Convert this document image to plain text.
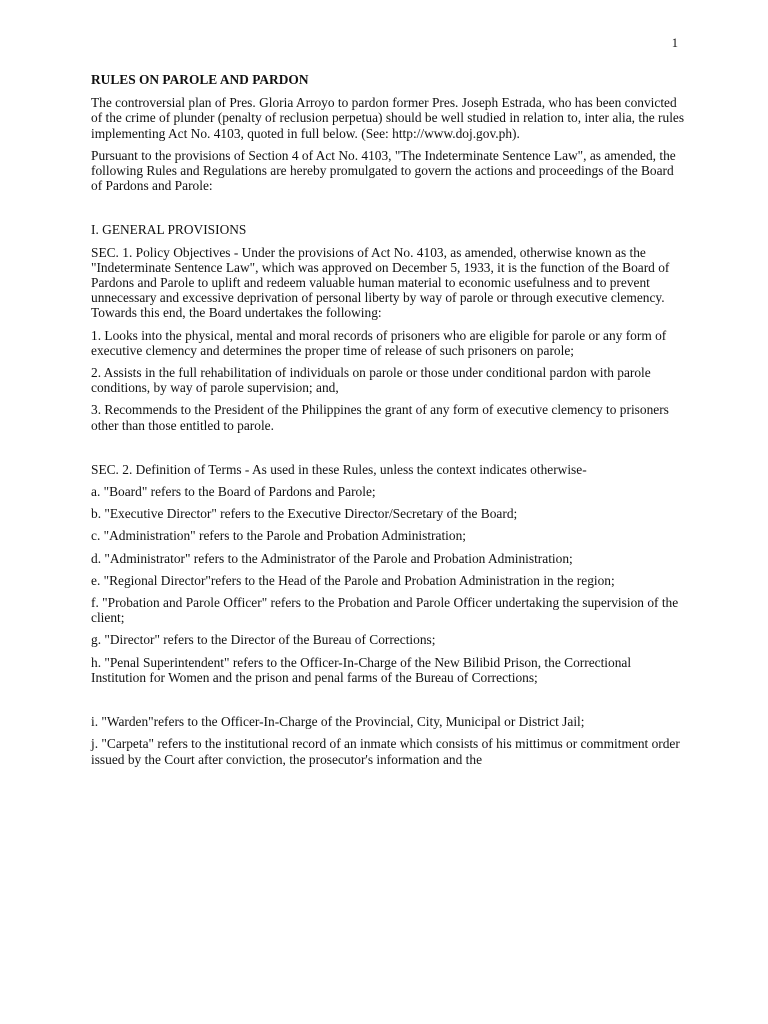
1

RULES ON PAROLE AND PARDON

The controversial plan of Pres. Gloria Arroyo to pardon former Pres. Joseph Estrada, who has been convicted of the crime of plunder (penalty of reclusion perpetua) should be well studied in relation to, inter alia, the rules implementing Act No. 4103, quoted in full below. (See: http://www.doj.gov.ph).

Pursuant to the provisions of Section 4 of Act No. 4103, "The Indeterminate Sentence Law", as amended, the following Rules and Regulations are hereby promulgated to govern the actions and proceedings of the Board of Pardons and Parole:

I. GENERAL PROVISIONS

SEC. 1. Policy Objectives - Under the provisions of Act No. 4103, as amended, otherwise known as the "Indeterminate Sentence Law", which was approved on December 5, 1933, it is the function of the Board of Pardons and Parole to uplift and redeem valuable human material to economic usefulness and to prevent unnecessary and excessive deprivation of personal liberty by way of parole or through executive clemency. Towards this end, the Board undertakes the following:

1. Looks into the physical, mental and moral records of prisoners who are eligible for parole or any form of executive clemency and determines the proper time of release of such prisoners on parole;

2. Assists in the full rehabilitation of individuals on parole or those under conditional pardon with parole conditions, by way of parole supervision; and,

3. Recommends to the President of the Philippines the grant of any form of executive clemency to prisoners other than those entitled to parole.

SEC. 2. Definition of Terms - As used in these Rules, unless the context indicates otherwise-

a. "Board" refers to the Board of Pardons and Parole;

b. "Executive Director" refers to the Executive Director/Secretary of the Board;

c. "Administration" refers to the Parole and Probation Administration;

d. "Administrator" refers to the Administrator of the Parole and Probation Administration;

e. "Regional Director"refers to the Head of the Parole and Probation Administration in the region;

f. "Probation and Parole Officer" refers to the Probation and Parole Officer undertaking the supervision of the client;

g. "Director" refers to the Director of the Bureau of Corrections;

h. "Penal Superintendent" refers to the Officer-In-Charge of the New Bilibid Prison, the Correctional Institution for Women and the prison and penal farms of the Bureau of Corrections;

i. "Warden"refers to the Officer-In-Charge of the Provincial, City, Municipal or District Jail;

j. "Carpeta" refers to the institutional record of an inmate which consists of his mittimus or commitment order issued by the Court after conviction, the prosecutor's information and the
